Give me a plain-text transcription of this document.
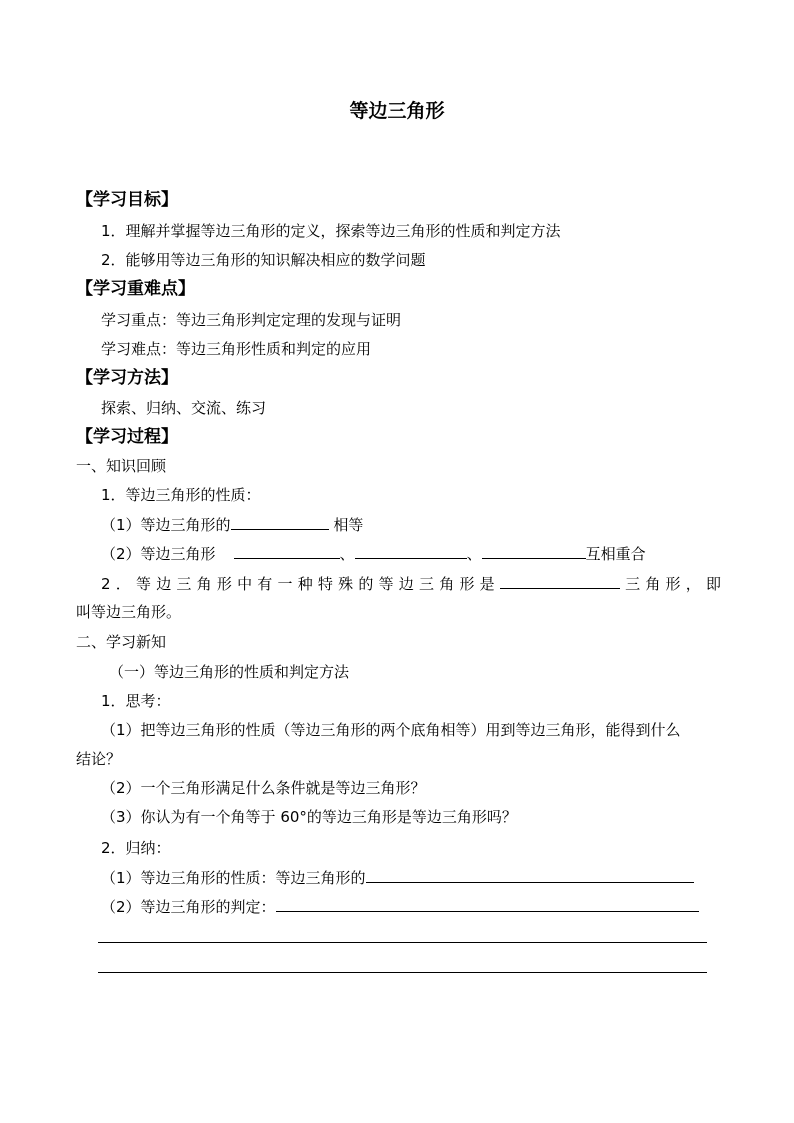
等边三角形
【学习目标】
1．理解并掌握等边三角形的定义，探索等边三角形的性质和判定方法
2．能够用等边三角形的知识解决相应的数学问题
【学习重难点】
学习重点：等边三角形判定定理的发现与证明
学习难点：等边三角形性质和判定的应用
【学习方法】
探索、归纳、交流、练习
【学习过程】
一、知识回顾
1．等边三角形的性质：
（1）等边三角形的	相等
（2）等边三角形	、	、	互相重合
2．等边三角形中有一种特殊的等边三角形是	三角形，即
叫等边三角形。
二、学习新知
（一）等边三角形的性质和判定方法
1．思考：
（1）把等边三角形的性质（等边三角形的两个底角相等）用到等边三角形，能得到什么
结论？
（2）一个三角形满足什么条件就是等边三角形？
（3）你认为有一个角等于 60°的等边三角形是等边三角形吗？
2．归纳：
（1）等边三角形的性质：等边三角形的
（2）等边三角形的判定：
